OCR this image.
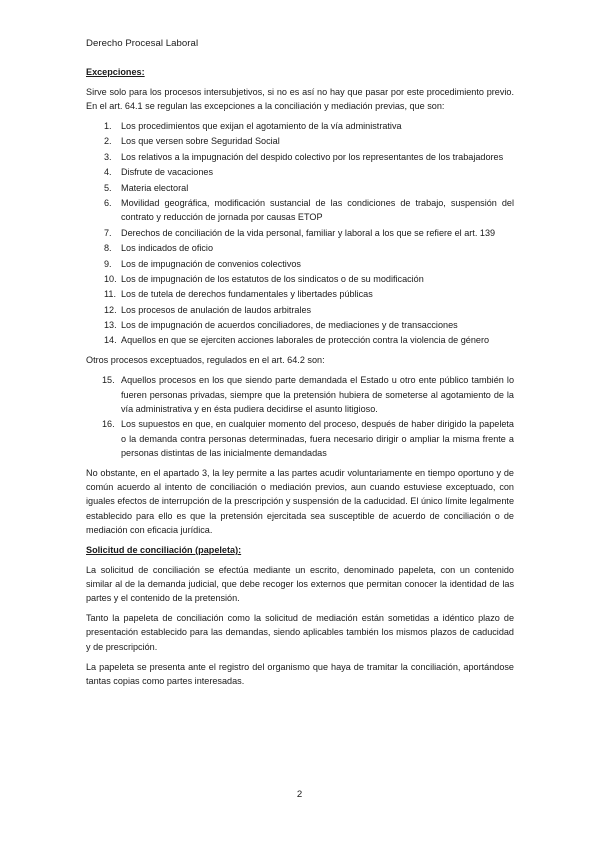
Derecho Procesal Laboral

Excepciones:

Sirve solo para los procesos intersubjetivos, si no es así no hay que pasar por este procedimiento previo. En el art. 64.1 se regulan las excepciones a la conciliación y mediación previas, que son:

1.	Los procedimientos que exijan el agotamiento de la vía administrativa
2.	Los que versen sobre Seguridad Social
3.	Los relativos a la impugnación del despido colectivo por los representantes de los trabajadores
4.	Disfrute de vacaciones
5.	Materia electoral
6.	Movilidad geográfica, modificación sustancial de las condiciones de trabajo, suspensión del contrato y reducción de jornada por causas ETOP
7.	Derechos de conciliación de la vida personal, familiar y laboral a los que se refiere el art. 139
8.	Los indicados de oficio
9.	Los de impugnación de convenios colectivos
10. Los de impugnación de los estatutos de los sindicatos o de su modificación
11. Los de tutela de derechos fundamentales y libertades públicas
12. Los procesos de anulación de laudos arbitrales
13. Los de impugnación de acuerdos conciliadores, de mediaciones y de transacciones
14. Aquellos en que se ejerciten acciones laborales de protección contra la violencia de género

Otros procesos exceptuados, regulados en el art. 64.2 son:

15. Aquellos procesos en los que siendo parte demandada el Estado u otro ente público también lo fueren personas privadas, siempre que la pretensión hubiera de someterse al agotamiento de la vía administrativa y en ésta pudiera decidirse el asunto litigioso.
16. Los supuestos en que, en cualquier momento del proceso, después de haber dirigido la papeleta o la demanda contra personas determinadas, fuera necesario dirigir o ampliar la misma frente a personas distintas de las inicialmente demandadas

No obstante, en el apartado 3, la ley permite a las partes acudir voluntariamente en tiempo oportuno y de común acuerdo al intento de conciliación o mediación previos, aun cuando estuviese exceptuado, con iguales efectos de interrupción de la prescripción y suspensión de la caducidad. El único límite legalmente establecido para ello es que la pretensión ejercitada sea susceptible de acuerdo de conciliación o de mediación con eficacia jurídica.

Solicitud de conciliación (papeleta):

La solicitud de conciliación se efectúa mediante un escrito, denominado papeleta, con un contenido similar al de la demanda judicial, que debe recoger los externos que permitan conocer la identidad de las partes y el contenido de la pretensión.

Tanto la papeleta de conciliación como la solicitud de mediación están sometidas a idéntico plazo de presentación establecido para las demandas, siendo aplicables también los mismos plazos de caducidad y de prescripción.

La papeleta se presenta ante el registro del organismo que haya de tramitar la conciliación, aportándose tantas copias como partes interesadas.

2
